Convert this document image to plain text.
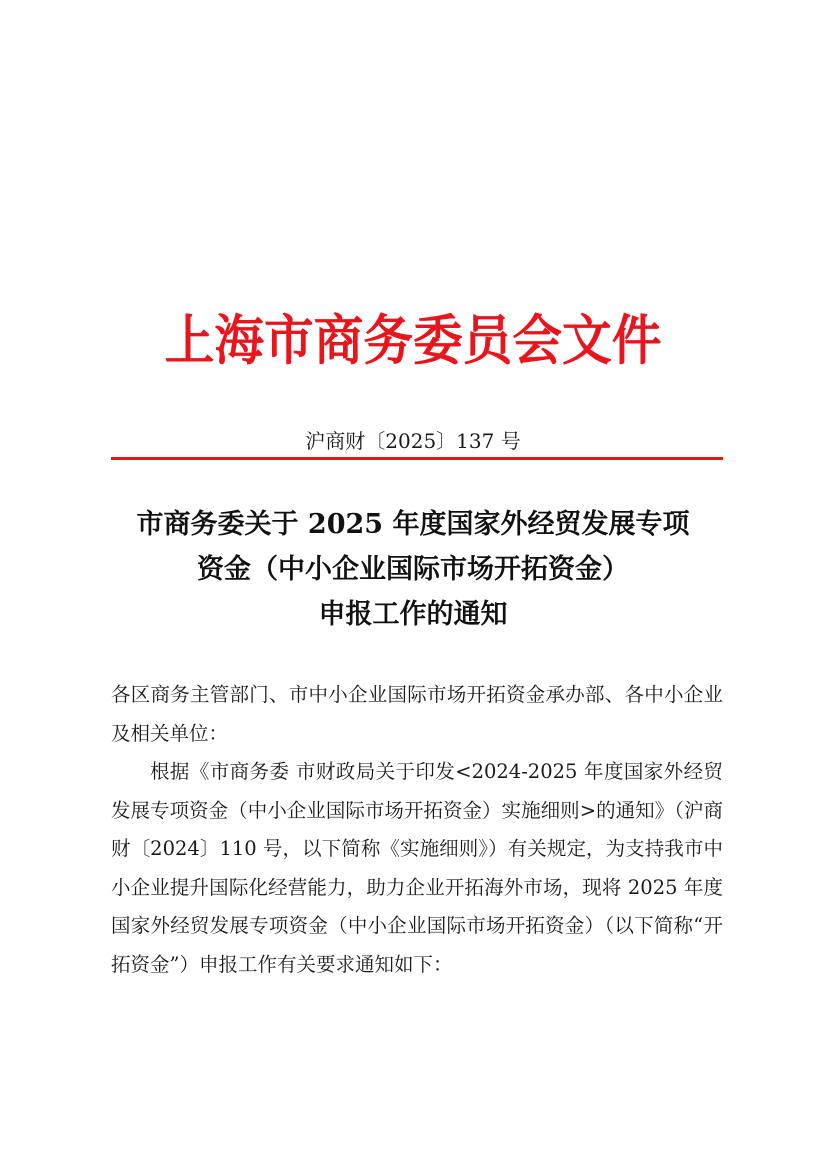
上海市商务委员会文件
沪商财〔2025〕137 号
市商务委关于 2025 年度国家外经贸发展专项
资金（中小企业国际市场开拓资金）
申报工作的通知

各区商务主管部门、市中小企业国际市场开拓资金承办部、各中小企业及相关单位：

根据《市商务委 市财政局关于印发<2024-2025 年度国家外经贸发展专项资金（中小企业国际市场开拓资金）实施细则>的通知》（沪商财〔2024〕110 号，以下简称《实施细则》）有关规定，为支持我市中小企业提升国际化经营能力，助力企业开拓海外市场，现将 2025 年度国家外经贸发展专项资金（中小企业国际市场开拓资金）（以下简称“开拓资金”）申报工作有关要求通知如下：
